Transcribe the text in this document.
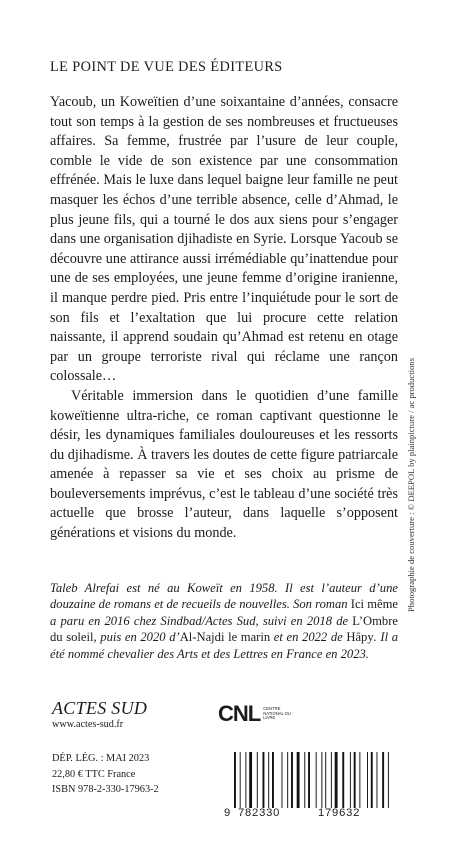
LE POINT DE VUE DES ÉDITEURS

Yacoub, un Koweïtien d’une soixantaine d’années, consacre tout son temps à la gestion de ses nombreuses et fructueuses affaires. Sa femme, frustrée par l’usure de leur couple, comble le vide de son existence par une consommation effrénée. Mais le luxe dans lequel baigne leur famille ne peut masquer les échos d’une terrible absence, celle d’Ahmad, le plus jeune fils, qui a tourné le dos aux siens pour s’engager dans une organisation djihadiste en Syrie. Lorsque Yacoub se découvre une attirance aussi irrémédiable qu’inattendue pour une de ses employées, une jeune femme d’origine iranienne, il manque perdre pied. Pris entre l’inquiétude pour le sort de son fils et l’exaltation que lui procure cette relation naissante, il apprend soudain qu’Ahmad est retenu en otage par un groupe terroriste rival qui réclame une rançon colossale…

Véritable immersion dans le quotidien d’une famille koweïtienne ultra-riche, ce roman captivant questionne le désir, les dynamiques familiales douloureuses et les ressorts du djihadisme. À travers les doutes de cette figure patriarcale amenée à repasser sa vie et ses choix au prisme de bouleversements imprévus, c’est le tableau d’une société très actuelle que brosse l’auteur, dans laquelle s’opposent générations et visions du monde.

Taleb Alrefai est né au Koweït en 1958. Il est l’auteur d’une douzaine de romans et de recueils de nouvelles. Son roman Ici même a paru en 2016 chez Sindbad/Actes Sud, suivi en 2018 de L’Ombre du soleil, puis en 2020 d’Al-Najdi le marin et en 2022 de Hâpy. Il a été nommé chevalier des Arts et des Lettres en France en 2023.
Photographie de couverture : © DEEPOL by plainpicture / ac productions
ACTES SUD
www.actes-sud.fr	CNL CENTRE NATIONAL DU LIVRE
DÉP. LÉG. : MAI 2023
22,80 € TTC France
ISBN 978-2-330-17963-2
9 782330	179632
